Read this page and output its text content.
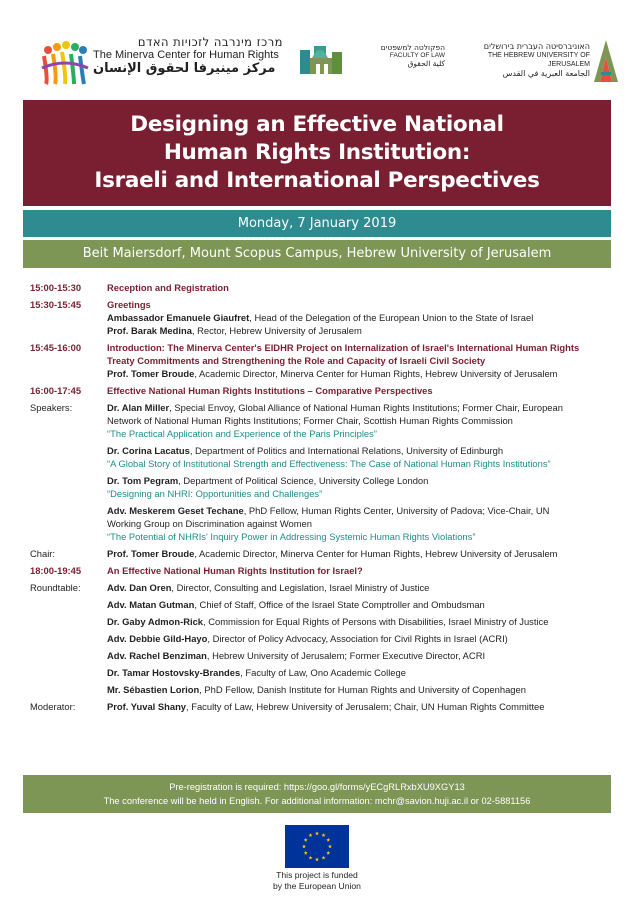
מרכז מינרבה לזכויות האדם
The Minerva Center for Human Rights
مركز مينيرفا لحقوق الإنسان
הפקולטה למשפטים
FACULTY OF LAW
كلية الحقوق
האוניברסיטה העברית בירושלים
THE HEBREW UNIVERSITY OF JERUSALEM
الجامعة العبرية في القدس
Designing an Effective National
Human Rights Institution:
Israeli and International Perspectives
Monday, 7 January 2019
Beit Maiersdorf, Mount Scopus Campus, Hebrew University of Jerusalem
15:00-15:30	Reception and Registration
15:30-15:45	Greetings
Ambassador Emanuele Giaufret, Head of the Delegation of the European Union to the State of Israel
Prof. Barak Medina, Rector, Hebrew University of Jerusalem
15:45-16:00	Introduction: The Minerva Center's EIDHR Project on Internalization of Israel's International Human Rights
Treaty Commitments and Strengthening the Role and Capacity of Israeli Civil Society
Prof. Tomer Broude, Academic Director, Minerva Center for Human Rights, Hebrew University of Jerusalem
16:00-17:45	Effective National Human Rights Institutions – Comparative Perspectives
Speakers:	Dr. Alan Miller, Special Envoy, Global Alliance of National Human Rights Institutions; Former Chair, European
Network of National Human Rights Institutions; Former Chair, Scottish Human Rights Commission
“The Practical Application and Experience of the Paris Principles”
Dr. Corina Lacatus, Department of Politics and International Relations, University of Edinburgh
“A Global Story of Institutional Strength and Effectiveness: The Case of National Human Rights Institutions”
Dr. Tom Pegram, Department of Political Science, University College London
“Designing an NHRI: Opportunities and Challenges”
Adv. Meskerem Geset Techane, PhD Fellow, Human Rights Center, University of Padova; Vice-Chair, UN
Working Group on Discrimination against Women
“The Potential of NHRIs' Inquiry Power in Addressing Systemic Human Rights Violations”
Chair:	Prof. Tomer Broude, Academic Director, Minerva Center for Human Rights, Hebrew University of Jerusalem
18:00-19:45	An Effective National Human Rights Institution for Israel?
Roundtable:	Adv. Dan Oren, Director, Consulting and Legislation, Israel Ministry of Justice
Adv. Matan Gutman, Chief of Staff, Office of the Israel State Comptroller and Ombudsman
Dr. Gaby Admon-Rick, Commission for Equal Rights of Persons with Disabilities, Israel Ministry of Justice
Adv. Debbie Gild-Hayo, Director of Policy Advocacy, Association for Civil Rights in Israel (ACRI)
Adv. Rachel Benziman, Hebrew University of Jerusalem; Former Executive Director, ACRI
Dr. Tamar Hostovsky-Brandes, Faculty of Law, Ono Academic College
Mr. Sébastien Lorion, PhD Fellow, Danish Institute for Human Rights and University of Copenhagen
Moderator:	Prof. Yuval Shany, Faculty of Law, Hebrew University of Jerusalem; Chair, UN Human Rights Committee
Pre-registration is required: https://goo.gl/forms/yECgRLRxbXU9XGY13
The conference will be held in English. For additional information: mchr@savion.huji.ac.il or 02-5881156
This project is funded
by the European Union
